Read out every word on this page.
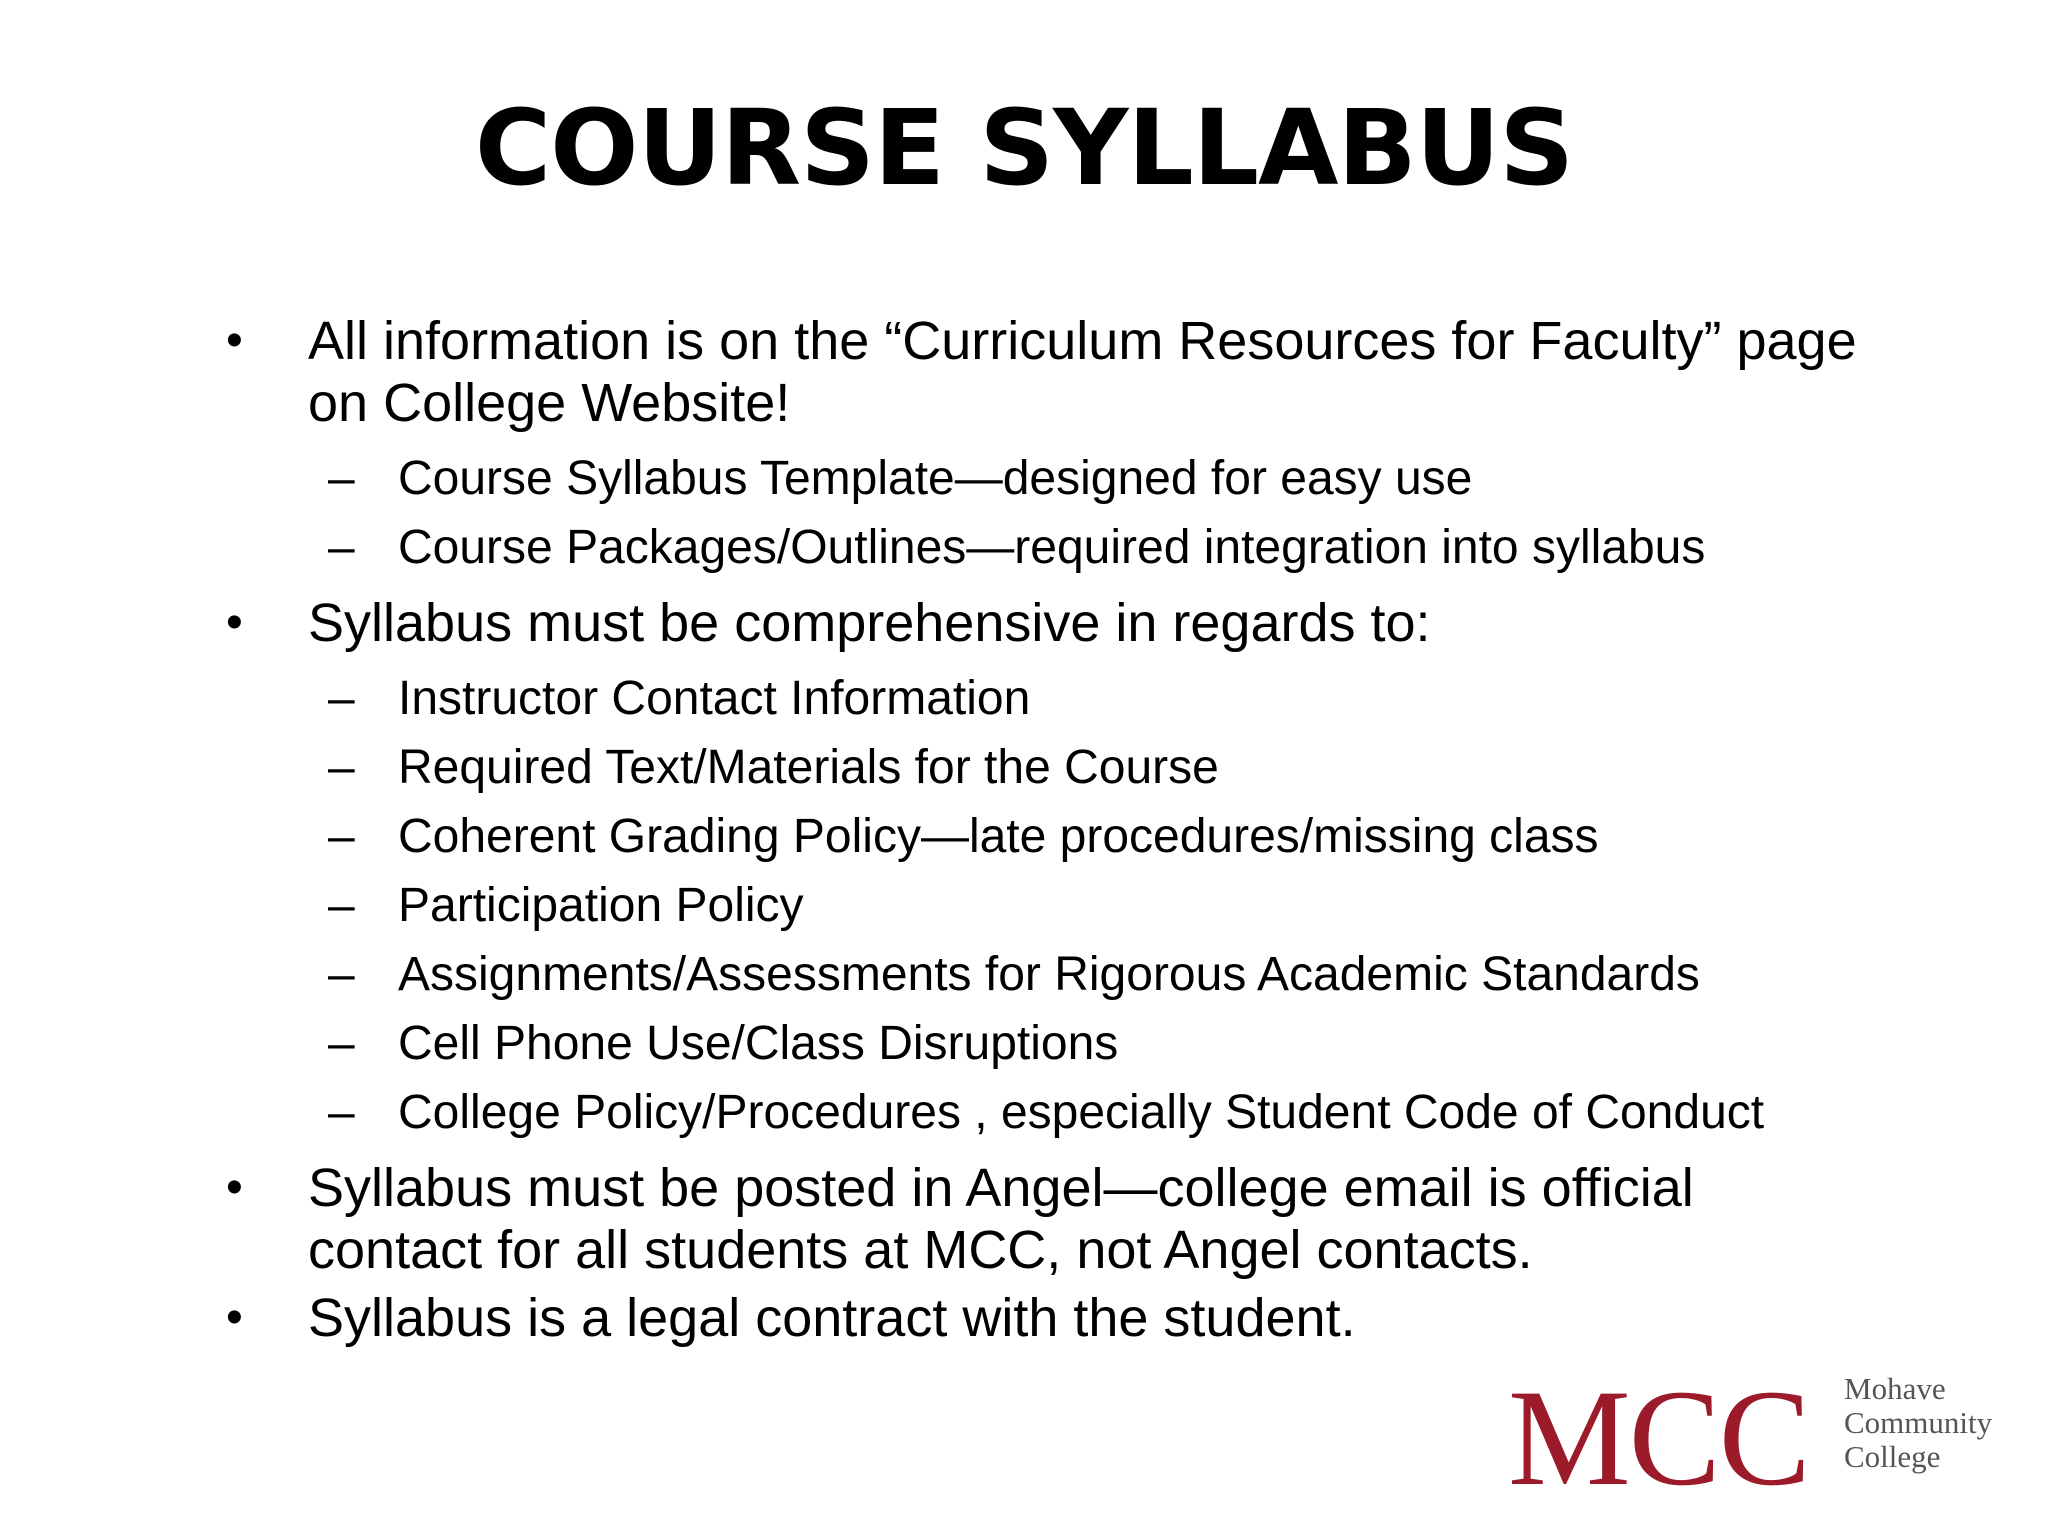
COURSE SYLLABUS
• All information is on the “Curriculum Resources for Faculty” page on College Website!
– Course Syllabus Template—designed for easy use
– Course Packages/Outlines—required integration into syllabus
• Syllabus must be comprehensive in regards to:
– Instructor Contact Information
– Required Text/Materials for the Course
– Coherent Grading Policy—late procedures/missing class
– Participation Policy
– Assignments/Assessments for Rigorous Academic Standards
– Cell Phone Use/Class Disruptions
– College Policy/Procedures , especially Student Code of Conduct
• Syllabus must be posted in Angel—college email is official contact for all students at MCC, not Angel contacts.
• Syllabus is a legal contract with the student.
MCC Mohave
Community
College
